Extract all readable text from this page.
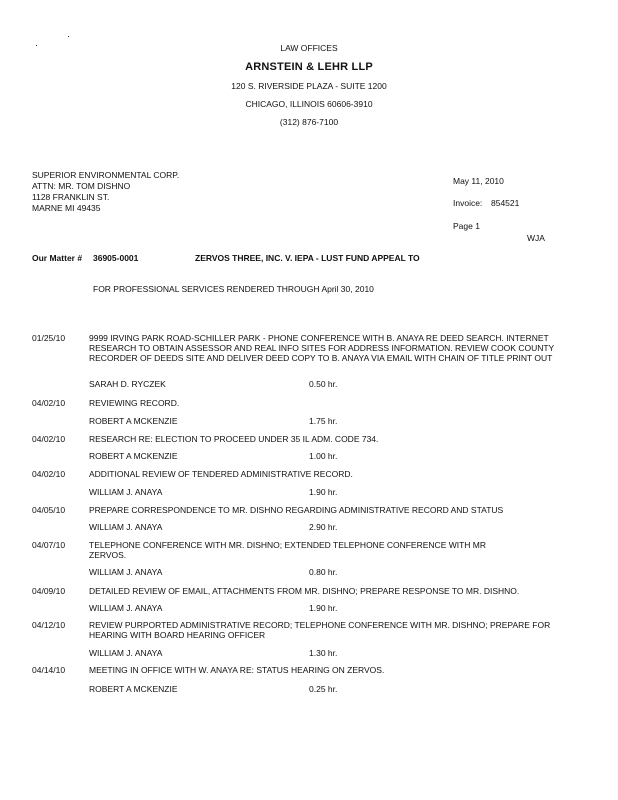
LAW OFFICES
ARNSTEIN & LEHR LLP
120 S. RIVERSIDE PLAZA - SUITE 1200
CHICAGO, ILLINOIS 60606-3910
(312) 876-7100
SUPERIOR ENVIRONMENTAL CORP.
ATTN: MR. TOM DISHNO
1128 FRANKLIN ST.
MARNE MI 49435
May 11, 2010
Invoice: 854521
Page 1
WJA
Our Matter # 36905-0001	ZERVOS THREE, INC. V. IEPA - LUST FUND APPEAL TO
FOR PROFESSIONAL SERVICES RENDERED THROUGH April 30, 2010
01/25/10	9999 IRVING PARK ROAD-SCHILLER PARK - PHONE CONFERENCE WITH B. ANAYA RE DEED SEARCH. INTERNET RESEARCH TO OBTAIN ASSESSOR AND REAL INFO SITES FOR ADDRESS INFORMATION. REVIEW COOK COUNTY RECORDER OF DEEDS SITE AND DELIVER DEED COPY TO B. ANAYA VIA EMAIL WITH CHAIN OF TITLE PRINT OUT
SARAH D. RYCZEK	0.50 hr.
04/02/10	REVIEWING RECORD.
ROBERT A MCKENZIE	1.75 hr.
04/02/10	RESEARCH RE: ELECTION TO PROCEED UNDER 35 IL ADM. CODE 734.
ROBERT A MCKENZIE	1.00 hr.
04/02/10	ADDITIONAL REVIEW OF TENDERED ADMINISTRATIVE RECORD.
WILLIAM J. ANAYA	1.90 hr.
04/05/10	PREPARE CORRESPONDENCE TO MR. DISHNO REGARDING ADMINISTRATIVE RECORD AND STATUS
WILLIAM J. ANAYA	2.90 hr.
04/07/10	TELEPHONE CONFERENCE WITH MR. DISHNO; EXTENDED TELEPHONE CONFERENCE WITH MR ZERVOS.
WILLIAM J. ANAYA	0.80 hr.
04/09/10	DETAILED REVIEW OF EMAIL, ATTACHMENTS FROM MR. DISHNO; PREPARE RESPONSE TO MR. DISHNO.
WILLIAM J. ANAYA	1.90 hr.
04/12/10	REVIEW PURPORTED ADMINISTRATIVE RECORD; TELEPHONE CONFERENCE WITH MR. DISHNO; PREPARE FOR HEARING WITH BOARD HEARING OFFICER
WILLIAM J. ANAYA	1.30 hr.
04/14/10	MEETING IN OFFICE WITH W. ANAYA RE: STATUS HEARING ON ZERVOS.
ROBERT A MCKENZIE	0.25 hr.
